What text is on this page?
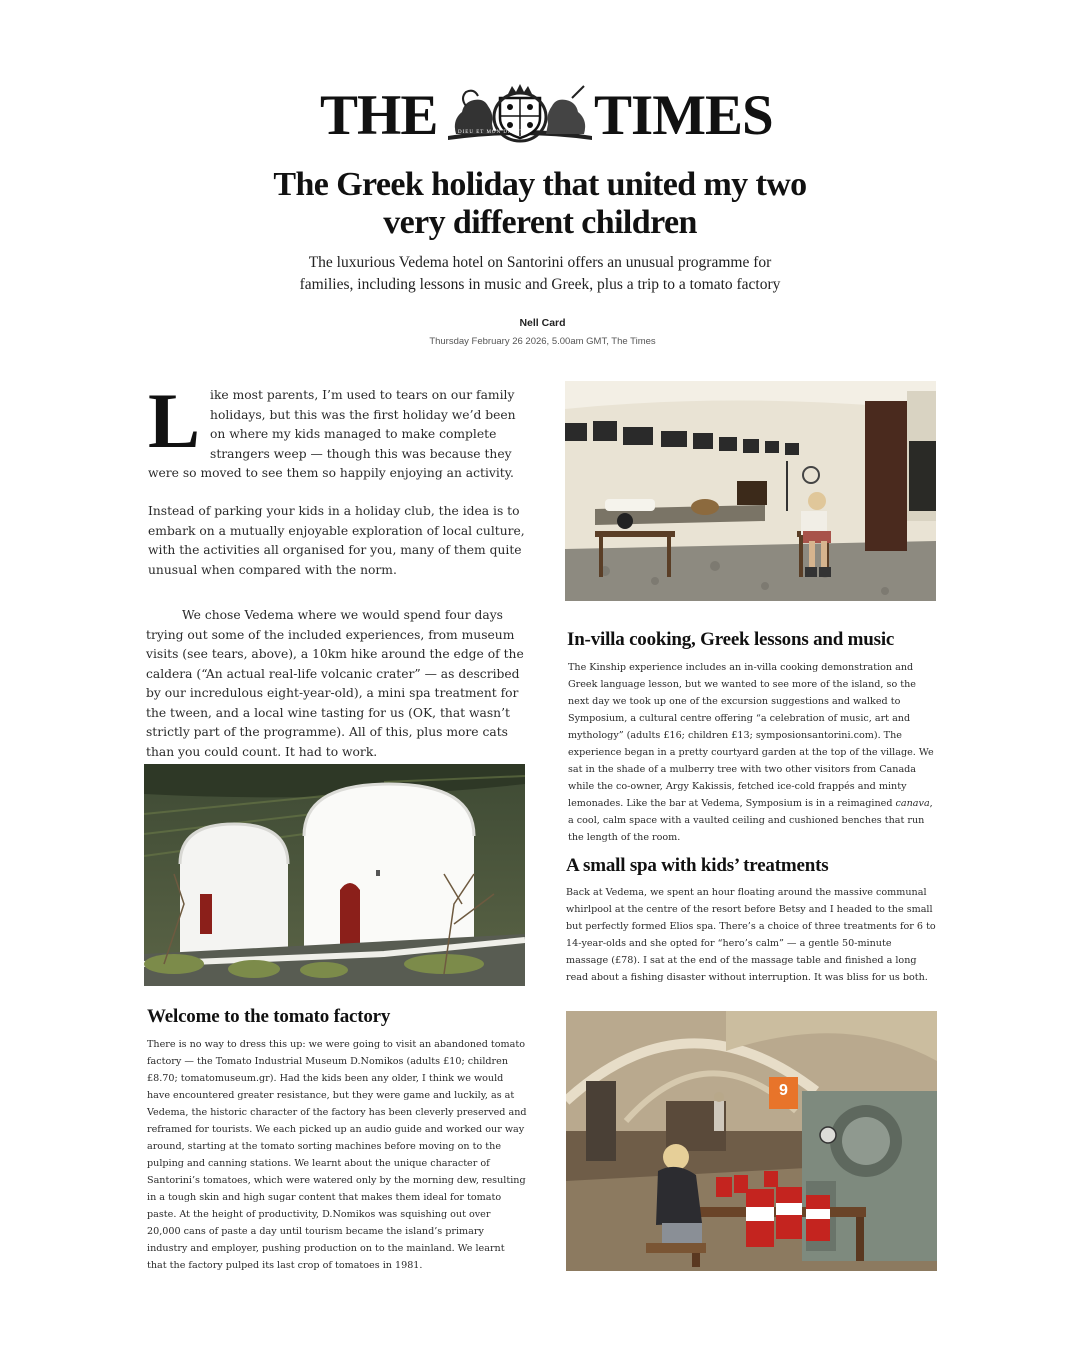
THE	DIEU ET MON DROIT TIMES
The Greek holiday that united my two very different children
The luxurious Vedema hotel on Santorini offers an unusual programme for families, including lessons in music and Greek, plus a trip to a tomato factory
Nell Card
Thursday February 26 2026, 5.00am GMT, The Times
Like most parents, I’m used to tears on our family holidays, but this was the first holiday we’d been on where my kids managed to make complete strangers weep — though this was because they were so moved to see them so happily enjoying an activity.
Instead of parking your kids in a holiday club, the idea is to embark on a mutually enjoyable exploration of local culture, with the activities all organised for you, many of them quite unusual when compared with the norm.
We chose Vedema where we would spend four days trying out some of the included experiences, from museum visits (see tears, above), a 10km hike around the edge of the caldera (“An actual real-life volcanic crater” — as described by our incredulous eight-year-old), a mini spa treatment for the tween, and a local wine tasting for us (OK, that wasn’t strictly part of the programme). All of this, plus more cats than you could count. It had to work.
Welcome to the tomato factory
There is no way to dress this up: we were going to visit an abandoned tomato factory — the Tomato Industrial Museum D.Nomikos (adults £10; children £8.70; tomatomuseum.gr). Had the kids been any older, I think we would have encountered greater resistance, but they were game and luckily, as at Vedema, the historic character of the factory has been cleverly preserved and reframed for tourists. We each picked up an audio guide and worked our way around, starting at the tomato sorting machines before moving on to the pulping and canning stations. We learnt about the unique character of Santorini’s tomatoes, which were watered only by the morning dew, resulting in a tough skin and high sugar content that makes them ideal for tomato paste. At the height of productivity, D.Nomikos was squishing out over 20,000 cans of paste a day until tourism became the island’s primary industry and employer, pushing production on to the mainland. We learnt that the factory pulped its last crop of tomatoes in 1981.
In-villa cooking, Greek lessons and music
The Kinship experience includes an in-villa cooking demonstration and Greek language lesson, but we wanted to see more of the island, so the next day we took up one of the excursion suggestions and walked to Symposium, a cultural centre offering “a celebration of music, art and mythology” (adults £16; children £13; symposionsantorini.com). The experience began in a pretty courtyard garden at the top of the village. We sat in the shade of a mulberry tree with two other visitors from Canada while the co-owner, Argy Kakissis, fetched ice-cold frappés and minty lemonades. Like the bar at Vedema, Symposium is in a reimagined canava, a cool, calm space with a vaulted ceiling and cushioned benches that run the length of the room.
A small spa with kids’ treatments
Back at Vedema, we spent an hour floating around the massive communal whirlpool at the centre of the resort before Betsy and I headed to the small but perfectly formed Elios spa. There’s a choice of three treatments for 6 to 14-year-olds and she opted for “hero’s calm” — a gentle 50-minute massage (£78). I sat at the end of the massage table and finished a long read about a fishing disaster without interruption. It was bliss for us both.
9
